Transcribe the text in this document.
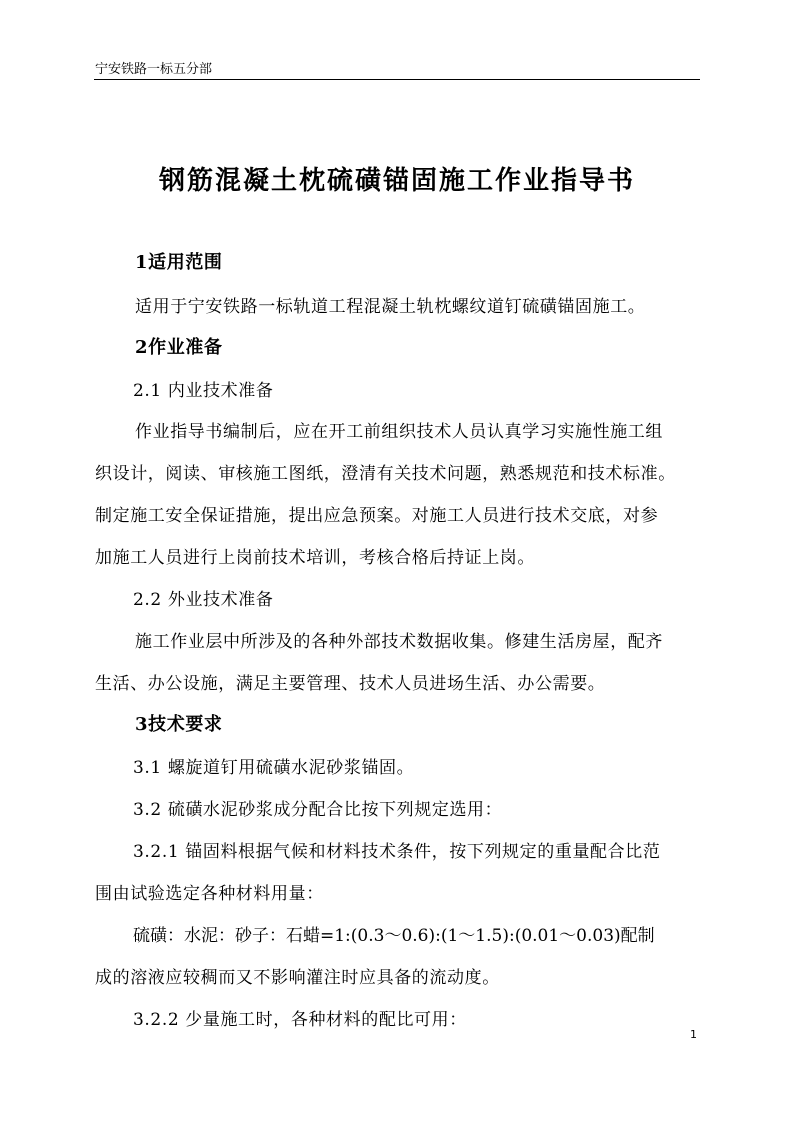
宁安铁路一标五分部
钢筋混凝土枕硫磺锚固施工作业指导书
1适用范围
适用于宁安铁路一标轨道工程混凝土轨枕螺纹道钉硫磺锚固施工。
2作业准备
2.1 内业技术准备
作业指导书编制后，应在开工前组织技术人员认真学习实施性施工组
织设计，阅读、审核施工图纸，澄清有关技术问题，熟悉规范和技术标准。
制定施工安全保证措施，提出应急预案。对施工人员进行技术交底，对参
加施工人员进行上岗前技术培训，考核合格后持证上岗。
2.2 外业技术准备
施工作业层中所涉及的各种外部技术数据收集。修建生活房屋，配齐
生活、办公设施，满足主要管理、技术人员进场生活、办公需要。
3技术要求
3.1 螺旋道钉用硫磺水泥砂浆锚固。
3.2 硫磺水泥砂浆成分配合比按下列规定选用：
3.2.1 锚固料根据气候和材料技术条件，按下列规定的重量配合比范
围由试验选定各种材料用量：
硫磺：水泥：砂子：石蜡=1:(0.3～0.6):(1～1.5):(0.01～0.03)配制
成的溶液应较稠而又不影响灌注时应具备的流动度。
3.2.2 少量施工时，各种材料的配比可用：
1
